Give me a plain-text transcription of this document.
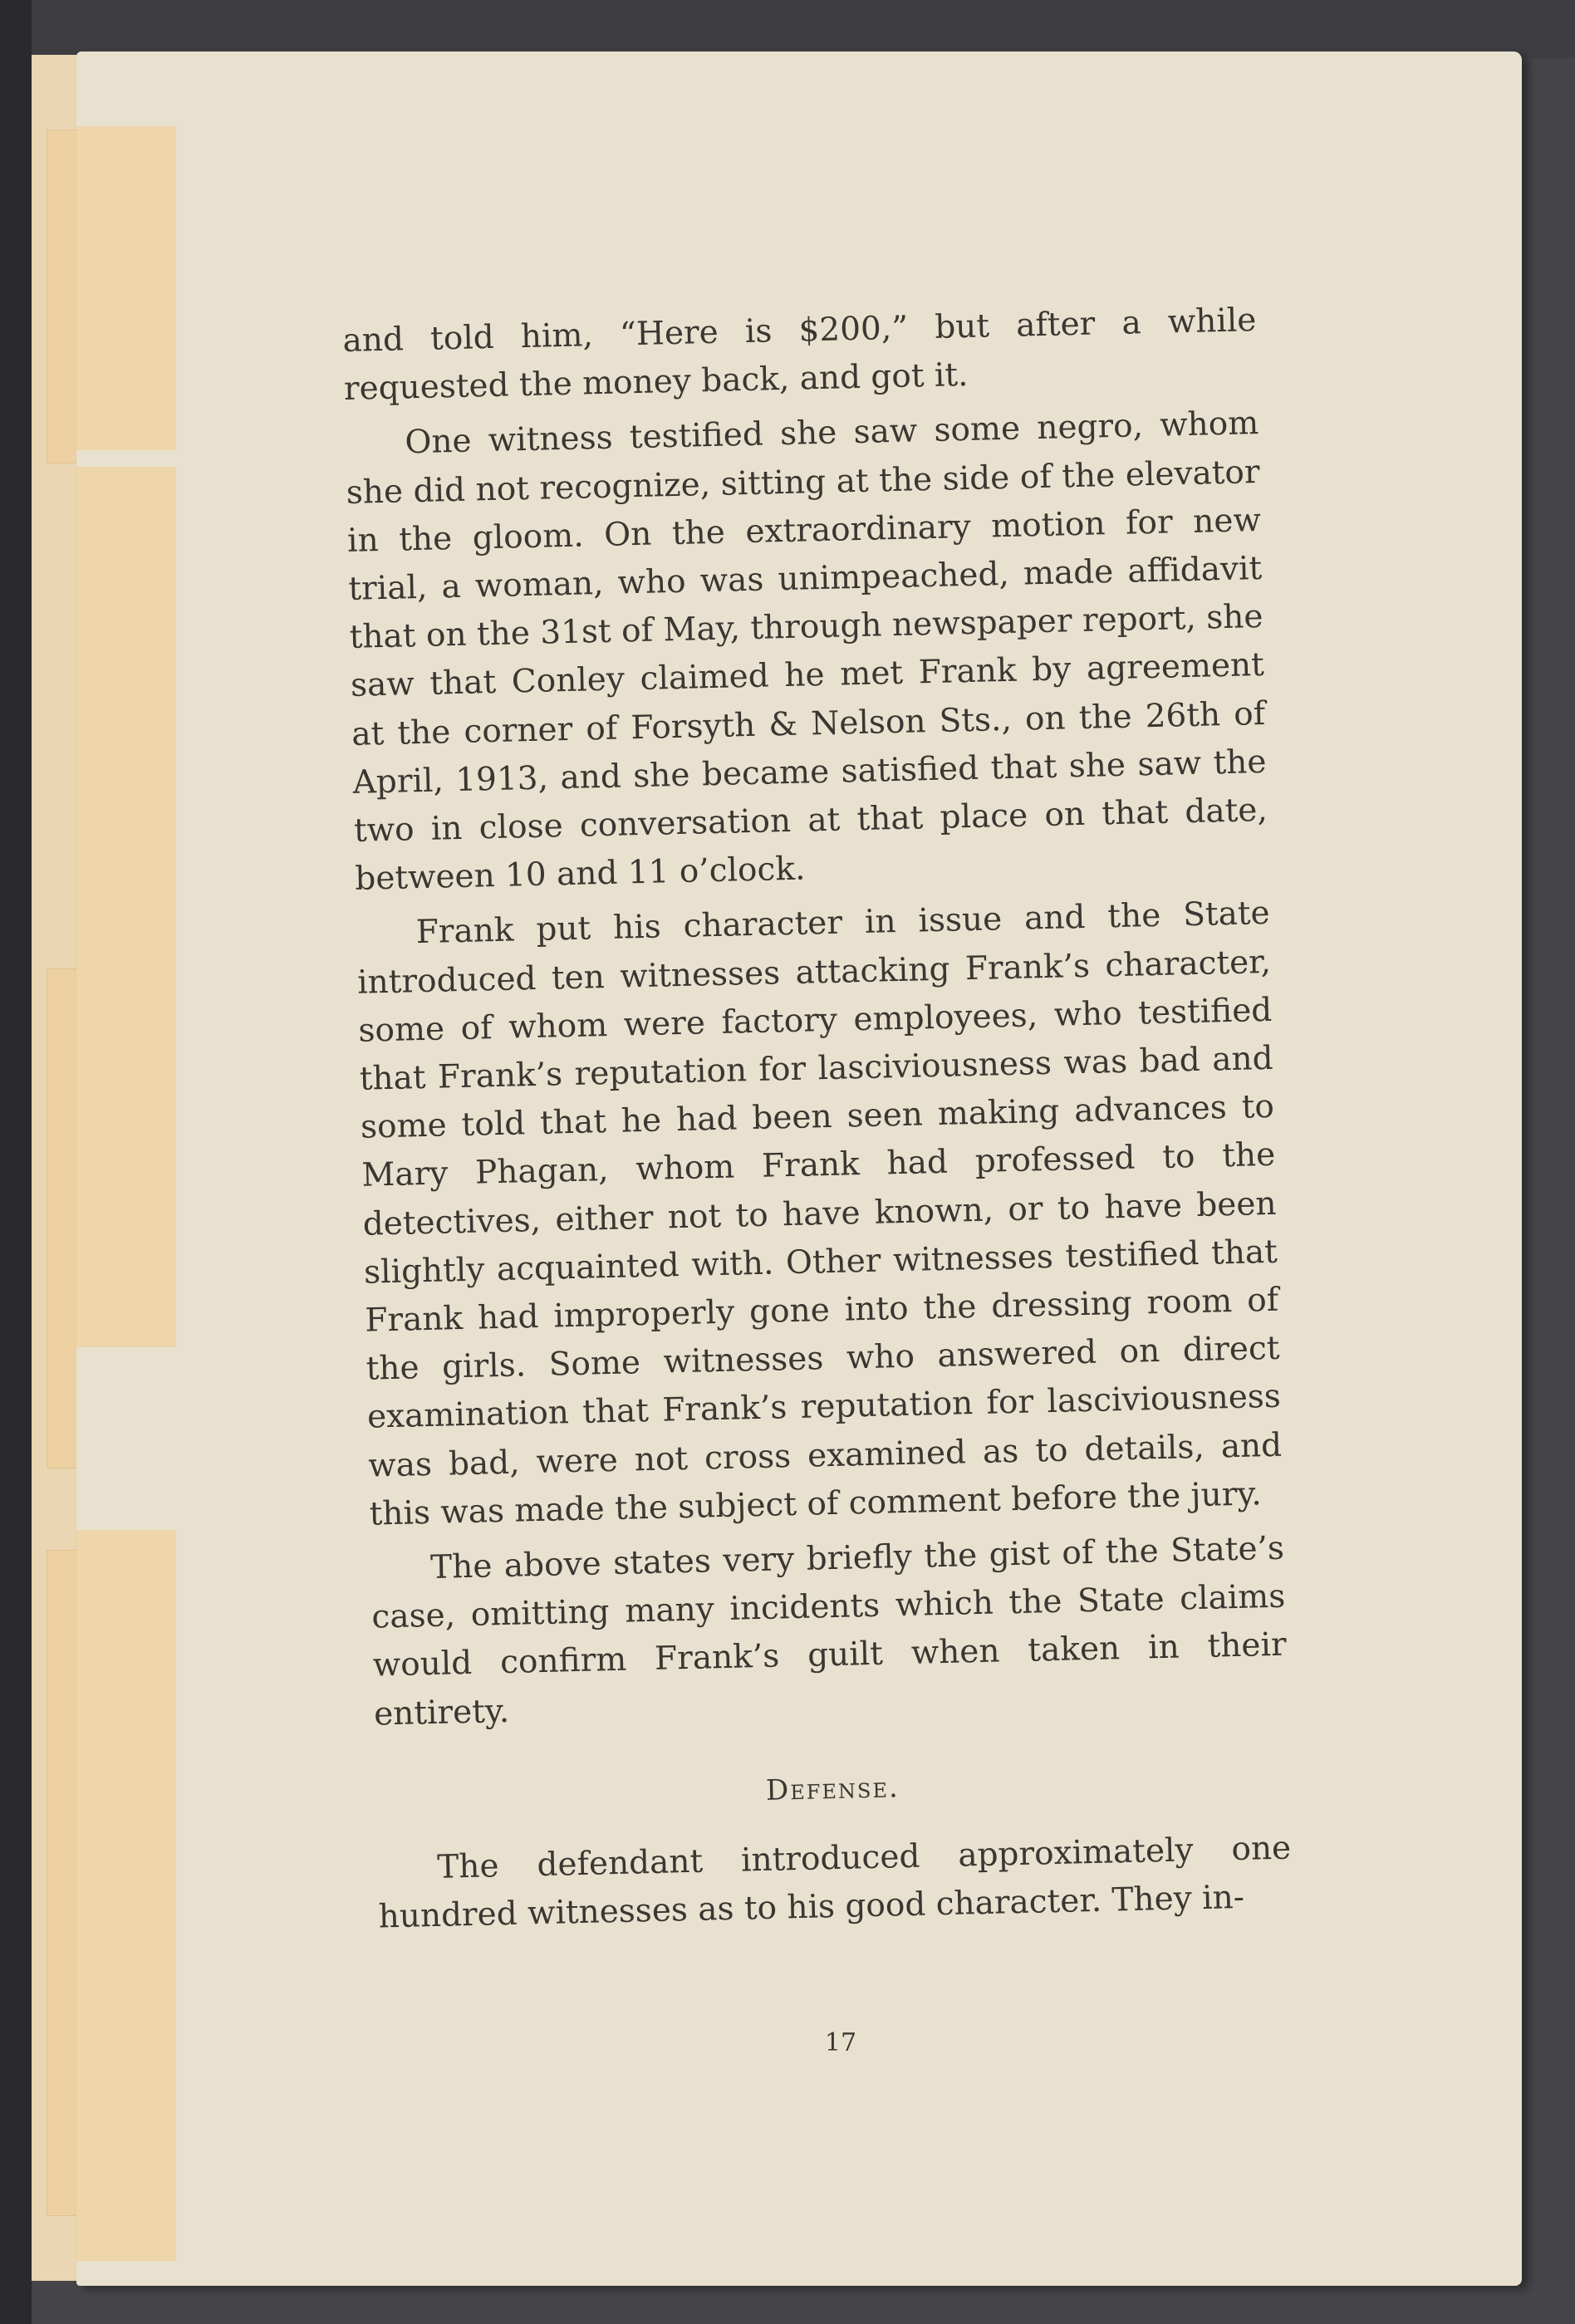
and told him, “Here is $200,” but after a while requested the money back, and got it.

One witness testified she saw some negro, whom she did not recognize, sitting at the side of the elevator in the gloom. On the extraordinary motion for new trial, a woman, who was unimpeached, made affidavit that on the 31st of May, through newspaper report, she saw that Conley claimed he met Frank by agreement at the corner of Forsyth & Nelson Sts., on the 26th of April, 1913, and she became satisfied that she saw the two in close conversation at that place on that date, between 10 and 11 o’clock.

Frank put his character in issue and the State introduced ten witnesses attacking Frank’s character, some of whom were factory employees, who testified that Frank’s reputation for lasciviousness was bad and some told that he had been seen making advances to Mary Phagan, whom Frank had professed to the detectives, either not to have known, or to have been slightly acquainted with. Other witnesses testified that Frank had improperly gone into the dressing room of the girls. Some witnesses who answered on direct examination that Frank’s reputation for lasciviousness was bad, were not cross examined as to details, and this was made the subject of comment before the jury.

The above states very briefly the gist of the State’s case, omitting many incidents which the State claims would confirm Frank’s guilt when taken in their entirety.

Defense.

The defendant introduced approximately one hundred witnesses as to his good character. They in-

17
